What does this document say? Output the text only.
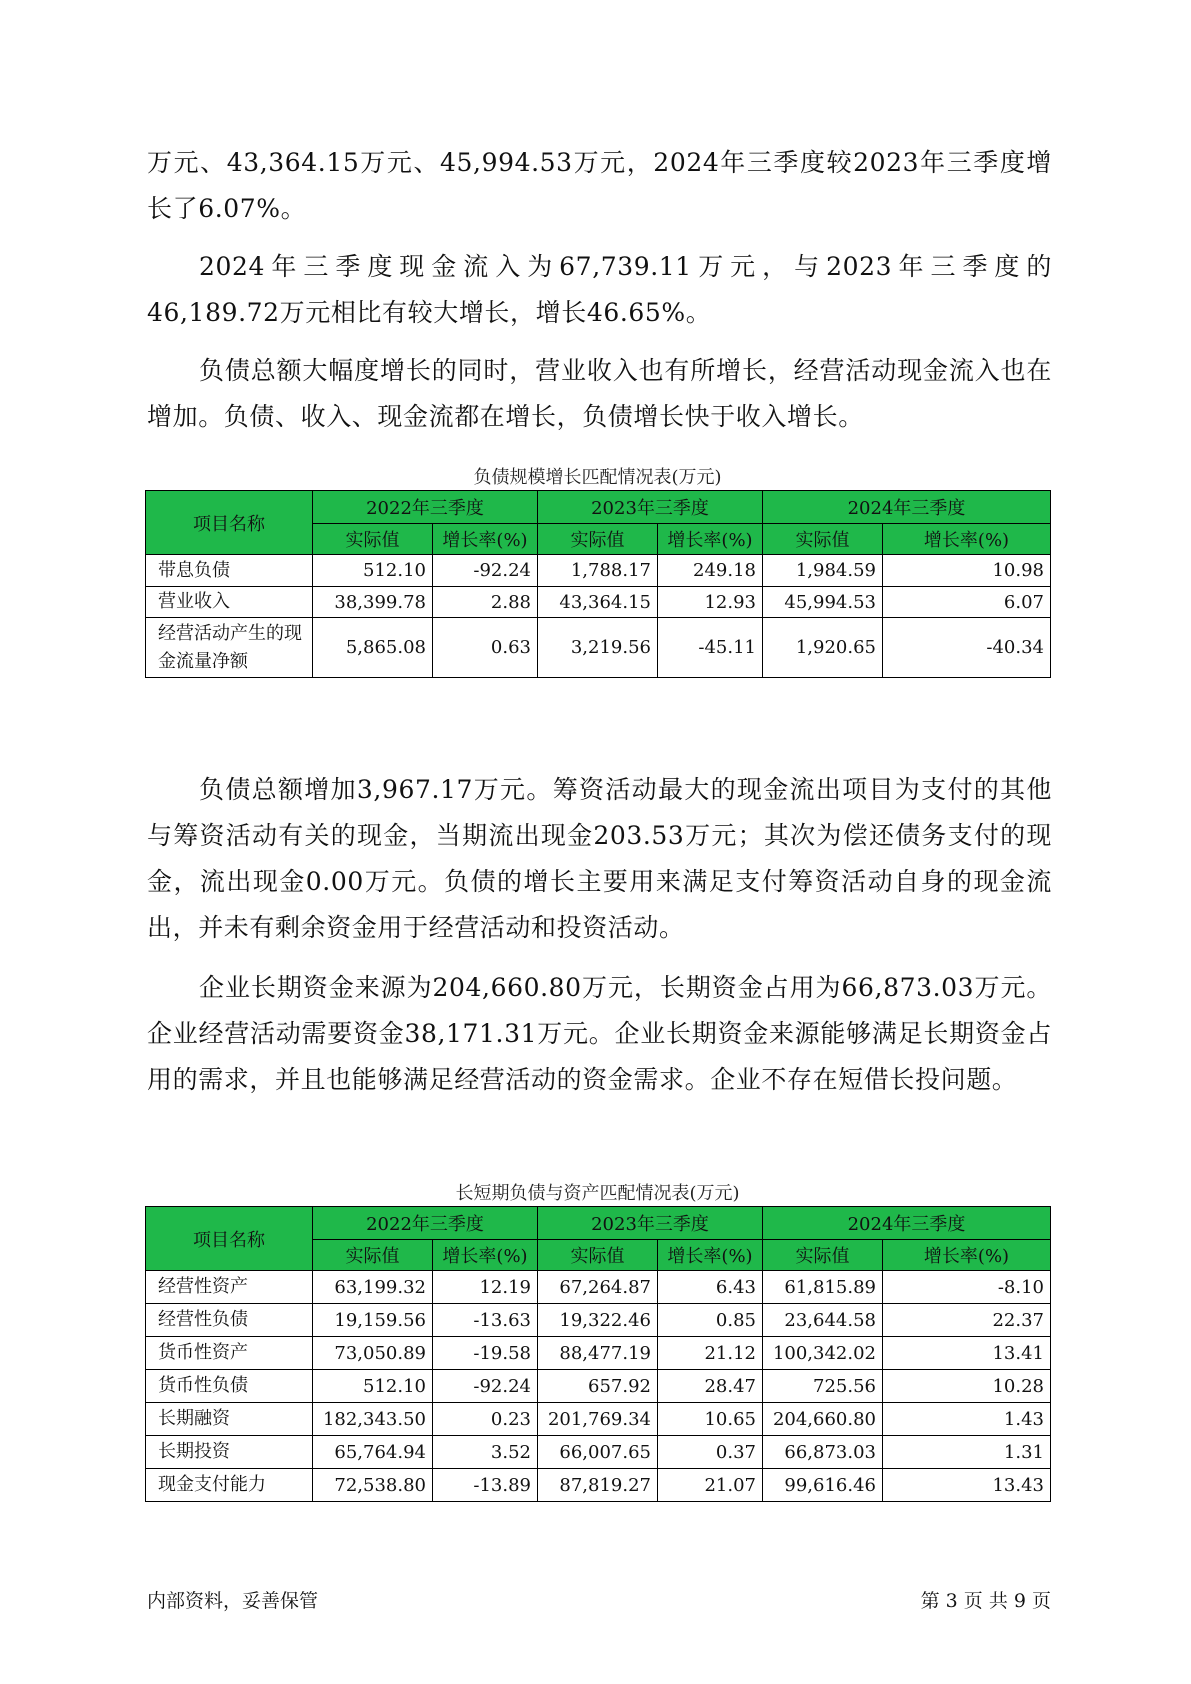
万元、43,364.15万元、45,994.53万元，2024年三季度较2023年三季度增长了6.07%。

2024年三季度现金流入为67,739.11万元，与2023年三季度的46,189.72万元相比有较大增长，增长46.65%。

负债总额大幅度增长的同时，营业收入也有所增长，经营活动现金流入也在增加。负债、收入、现金流都在增长，负债增长快于收入增长。

负债规模增长匹配情况表(万元)
项目名称	2022年三季度		2023年三季度		2024年三季度	
	实际值	增长率(%)	实际值	增长率(%)	实际值	增长率(%)
带息负债	512.10	-92.24	1,788.17	249.18	1,984.59	10.98
营业收入	38,399.78	2.88	43,364.15	12.93	45,994.53	6.07
经营活动产生的现金流量净额	5,865.08	0.63	3,219.56	-45.11	1,920.65	-40.34

负债总额增加3,967.17万元。筹资活动最大的现金流出项目为支付的其他与筹资活动有关的现金，当期流出现金203.53万元；其次为偿还债务支付的现金，流出现金0.00万元。负债的增长主要用来满足支付筹资活动自身的现金流出，并未有剩余资金用于经营活动和投资活动。

企业长期资金来源为204,660.80万元，长期资金占用为66,873.03万元。企业经营活动需要资金38,171.31万元。企业长期资金来源能够满足长期资金占用的需求，并且也能够满足经营活动的资金需求。企业不存在短借长投问题。

长短期负债与资产匹配情况表(万元)
项目名称	2022年三季度		2023年三季度		2024年三季度	
	实际值	增长率(%)	实际值	增长率(%)	实际值	增长率(%)
经营性资产	63,199.32	12.19	67,264.87	6.43	61,815.89	-8.10
经营性负债	19,159.56	-13.63	19,322.46	0.85	23,644.58	22.37
货币性资产	73,050.89	-19.58	88,477.19	21.12	100,342.02	13.41
货币性负债	512.10	-92.24	657.92	28.47	725.56	10.28
长期融资	182,343.50	0.23	201,769.34	10.65	204,660.80	1.43
长期投资	65,764.94	3.52	66,007.65	0.37	66,873.03	1.31
现金支付能力	72,538.80	-13.89	87,819.27	21.07	99,616.46	13.43
内部资料，妥善保管	第 3 页 共 9 页
